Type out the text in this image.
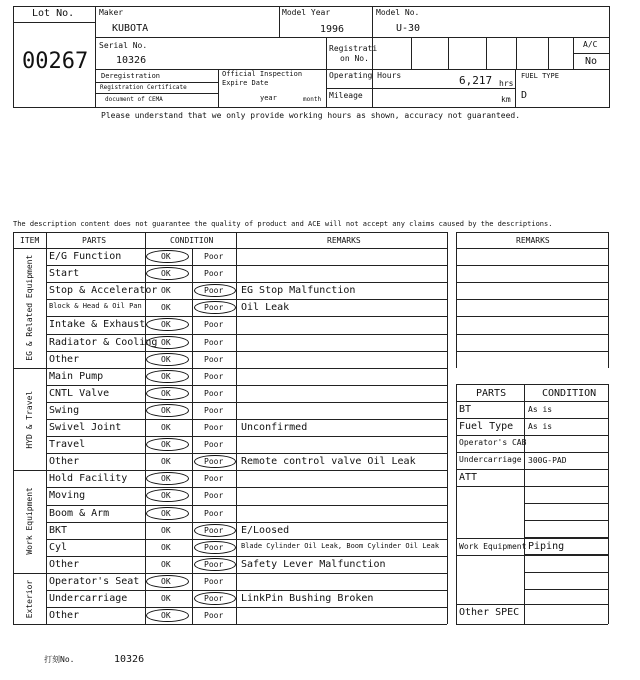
Lot No.
00267
Maker
KUBOTA
Model Year
1996
Model No.
U-30
Serial No.
10326
Registrati
on No.
A/C
No
Deregistration
Registration Certificate
document of CEMA
Official Inspection
Expire Date
year	month
Operating Hours	6,217 hrs
Mileage	km
FUEL TYPE
D
Please understand that we only provide working hours as shown, accuracy not guaranteed.
The description content does not guarantee the quality of product and ACE will not accept any claims caused by the descriptions.
ITEM	PARTS	CONDITION	REMARKS
EG & Related Equipment
HYD & Travel
Work Equipment
Exterior
E/G Function	OK	Poor
Start	OK	Poor
Stop & Accelerator OK	Poor EG Stop Malfunction
Block & Head & Oil Pan OK	Poor Oil Leak
Intake & Exhaust OK	Poor
Radiator & Cooling OK	Poor
Other	OK	Poor
Main Pump	OK	Poor
CNTL Valve	OK	Poor
Swing	OK	Poor
Swivel Joint	OK	Poor Unconfirmed
Travel	OK	Poor
Other	OK	Poor Remote control valve Oil Leak
Hold Facility	OK	Poor
Moving	OK	Poor
Boom & Arm	OK	Poor
BKT	OK	Poor E/Loosed
Cyl	OK	Poor	Blade Cylinder Oil Leak, Boom Cylinder Oil Leak
Other	OK	Poor Safety Lever Malfunction
Operator's Seat	OK	Poor
Undercarriage	OK	Poor LinkPin Bushing Broken
Other	OK	Poor
REMARKS
PARTS	CONDITION
BT	As is
Fuel Type As is
Operator's CAB
Undercarriage 300G-PAD
ATT
Work Equipment Piping
Other SPEC
打刻No.	10326
